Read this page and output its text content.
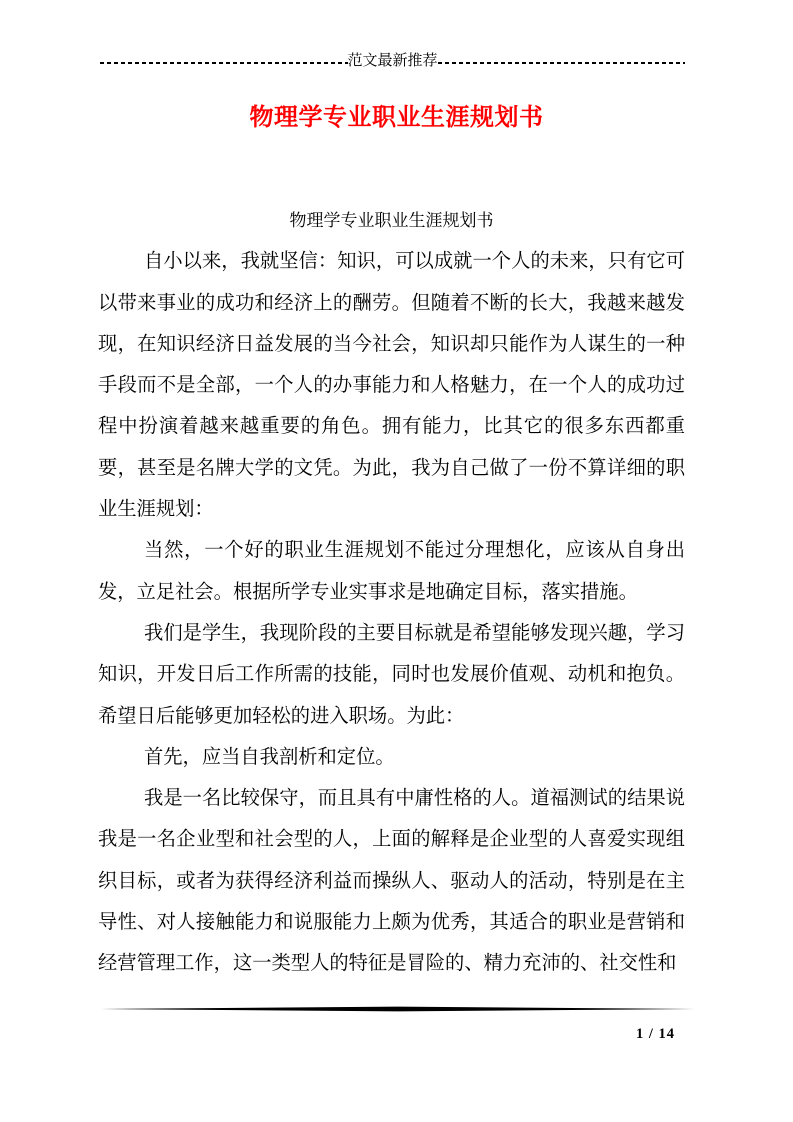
范文最新推荐
物理学专业职业生涯规划书
物理学专业职业生涯规划书

自小以来，我就坚信：知识，可以成就一个人的未来，只有它可以带来事业的成功和经济上的酬劳。但随着不断的长大，我越来越发现，在知识经济日益发展的当今社会，知识却只能作为人谋生的一种手段而不是全部，一个人的办事能力和人格魅力，在一个人的成功过程中扮演着越来越重要的角色。拥有能力，比其它的很多东西都重要，甚至是名牌大学的文凭。为此，我为自己做了一份不算详细的职业生涯规划：

当然，一个好的职业生涯规划不能过分理想化，应该从自身出发，立足社会。根据所学专业实事求是地确定目标，落实措施。

我们是学生，我现阶段的主要目标就是希望能够发现兴趣，学习知识，开发日后工作所需的技能，同时也发展价值观、动机和抱负。希望日后能够更加轻松的进入职场。为此：

首先，应当自我剖析和定位。

我是一名比较保守，而且具有中庸性格的人。道福测试的结果说我是一名企业型和社会型的人，上面的解释是企业型的人喜爱实现组织目标，或者为获得经济利益而操纵人、驱动人的活动，特别是在主导性、对人接触能力和说服能力上颇为优秀，其适合的职业是营销和经营管理工作，这一类型人的特征是冒险的、精力充沛的、社交性和

1 / 14
